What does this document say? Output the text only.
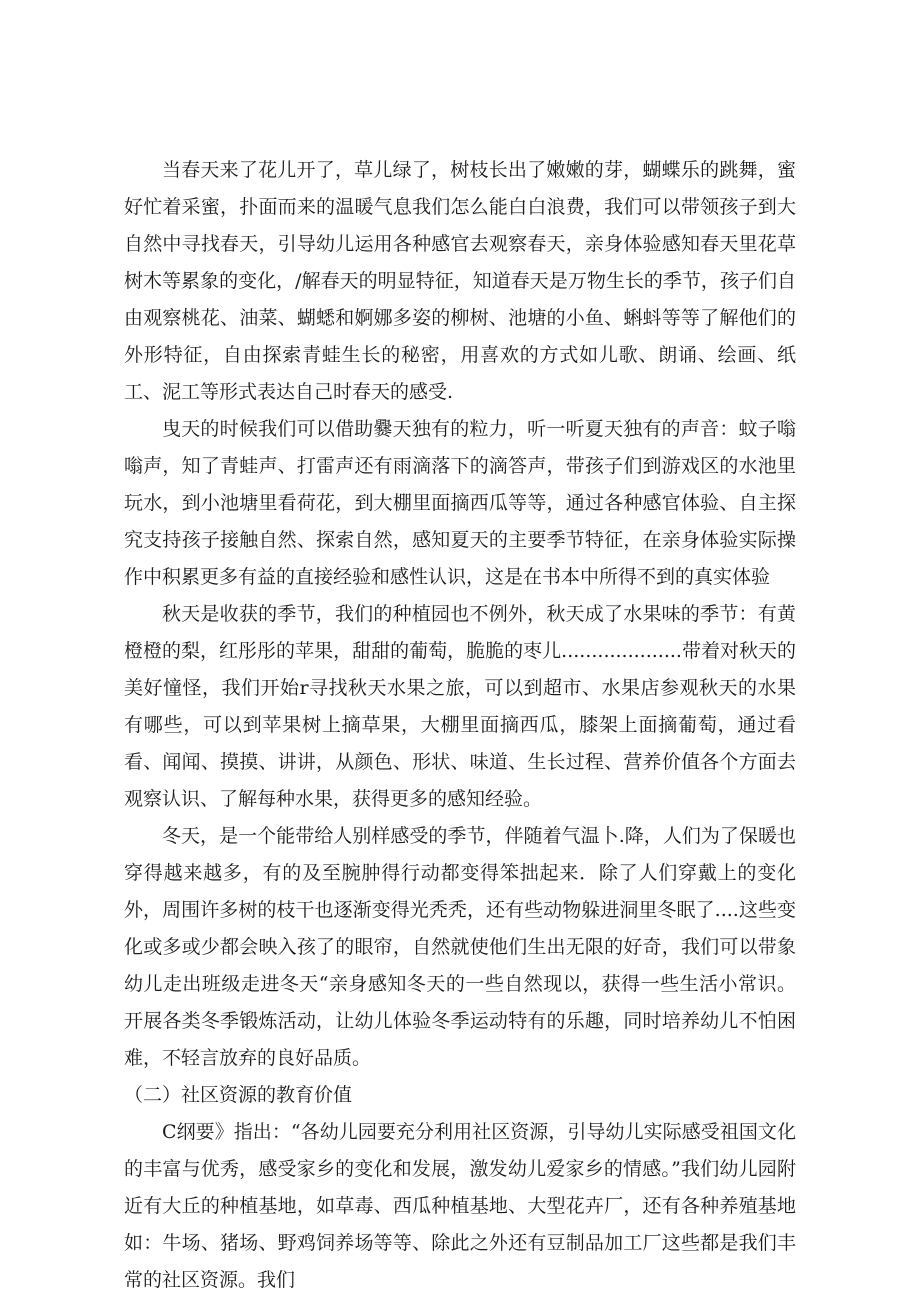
当春天来了花儿开了，草儿绿了，树枝长出了嫩嫩的芽，蝴蝶乐的跳舞，蜜好忙着采蜜，扑面而来的温暖气息我们怎么能白白浪费，我们可以带领孩子到大自然中寻找春天，引导幼儿运用各种感官去观察春天，亲身体验感知春天里花草树木等累象的变化，/解春天的明显特征，知道春天是万物生长的季节，孩子们自由观察桃花、油菜、蝴蟋和婀娜多姿的柳树、池塘的小鱼、蝌蚪等等了解他们的外形特征，自由探索青蛙生长的秘密，用喜欢的方式如儿歌、朗诵、绘画、纸工、泥工等形式表达自己时春天的感受.

曳天的时候我们可以借助爨天独有的粒力，听一听夏天独有的声音：蚊子嗡嗡声，知了青蛙声、打雷声还有雨滴落下的滴答声，带孩子们到游戏区的水池里玩水，到小池塘里看荷花，到大棚里面摘西瓜等等，通过各种感官体验、自主探究支持孩子接触自然、探索自然，感知夏天的主要季节特征，在亲身体验实际操作中积累更多有益的直接经验和感性认识，这是在书本中所得不到的真实体验

秋天是收获的季节，我们的种植园也不例外，秋天成了水果味的季节：有黄橙橙的梨，红彤彤的苹果，甜甜的葡萄，脆脆的枣儿....................带着对秋天的美好憧怪，我们开始r寻找秋天水果之旅，可以到超市、水果店参观秋天的水果有哪些，可以到苹果树上摘草果，大棚里面摘西瓜，膝架上面摘葡萄，通过看看、闻闻、摸摸、讲讲，从颜色、形状、味道、生长过程、营养价值各个方面去观察认识、了解每种水果，获得更多的感知经验。

冬天，是一个能带给人别样感受的季节，伴随着气温卜.降，人们为了保暖也穿得越来越多，有的及至腕肿得行动都变得笨拙起来．除了人们穿戴上的变化外，周围许多树的枝干也逐渐变得光秃秃，还有些动物躲进洞里冬眠了....这些变化或多或少都会映入孩了的眼帘，自然就使他们生出无限的好奇，我们可以带象幼儿走出班级走进冬天“亲身感知冬天的一些自然现以，获得一些生活小常识。开展各类冬季锻炼活动，让幼儿体验冬季运动特有的乐趣，同时培养幼儿不怕困难，不轻言放弃的良好品质。

（二）社区资源的教育价值

C纲要》指出：“各幼儿园要充分利用社区资源，引导幼儿实际感受祖国文化的丰富与优秀，感受家乡的变化和发展，激发幼儿爱家乡的情感。”我们幼儿园附近有大丘的种植基地，如草毒、西瓜种植基地、大型花卉厂，还有各种养殖基地如：牛场、猪场、野鸡饲养场等等、除此之外还有豆制品加工厂这些都是我们丰常的社区资源。我们
